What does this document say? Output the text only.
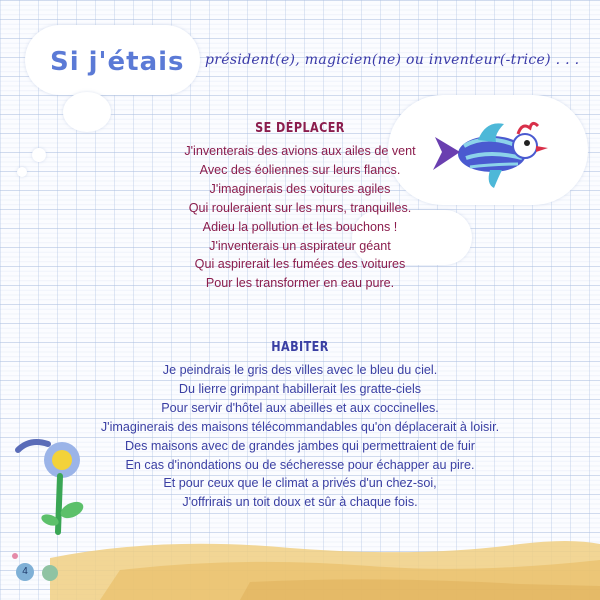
Si j'étais président(e), magicien(ne) ou inventeur(-trice) . . .
SE DÉPLACER

J'inventerais des avions aux ailes de vent

Avec des éoliennes sur leurs flancs.

J'imaginerais des voitures agiles

Qui rouleraient sur les murs, tranquilles.

Adieu la pollution et les bouchons !

J'inventerais un aspirateur géant

Qui aspirerait les fumées des voitures

Pour les transformer en eau pure.

HABITER

Je peindrais le gris des villes avec le bleu du ciel.

Du lierre grimpant habillerait les gratte-ciels

Pour servir d'hôtel aux abeilles et aux coccinelles.

J'imaginerais des maisons télécommandables qu'on déplacerait à loisir.

Des maisons avec de grandes jambes qui permettraient de fuir

En cas d'inondations ou de sécheresse pour échapper au pire.

Et pour ceux que le climat a privés d'un chez-soi,

J'offrirais un toit doux et sûr à chaque fois.

4
